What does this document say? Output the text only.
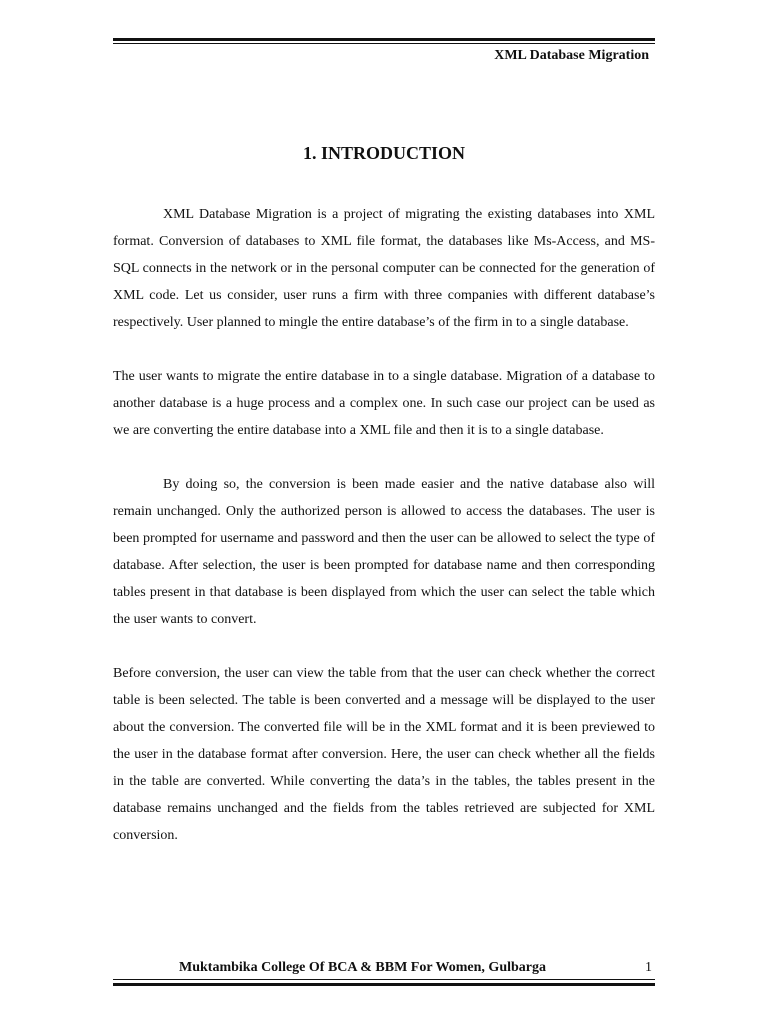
XML Database Migration
1. INTRODUCTION

XML Database Migration is a project of migrating the existing databases into XML format. Conversion of databases to XML file format, the databases like Ms-Access, and MS-SQL connects in the network or in the personal computer can be connected for the generation of XML code. Let us consider, user runs a firm with three companies with different database’s respectively. User planned to mingle the entire database’s of the firm in to a single database.

The user wants to migrate the entire database in to a single database. Migration of a database to another database is a huge process and a complex one. In such case our project can be used as we are converting the entire database into a XML file and then it is to a single database.

By doing so, the conversion is been made easier and the native database also will remain unchanged. Only the authorized person is allowed to access the databases. The user is been prompted for username and password and then the user can be allowed to select the type of database. After selection, the user is been prompted for database name and then corresponding tables present in that database is been displayed from which the user can select the table which the user wants to convert.

Before conversion, the user can view the table from that the user can check whether the correct table is been selected. The table is been converted and a message will be displayed to the user about the conversion. The converted file will be in the XML format and it is been previewed to the user in the database format after conversion. Here, the user can check whether all the fields in the table are converted. While converting the data’s in the tables, the tables present in the database remains unchanged and the fields from the tables retrieved are subjected for XML conversion.

Muktambika College Of BCA & BBM For Women, Gulbarga	1
